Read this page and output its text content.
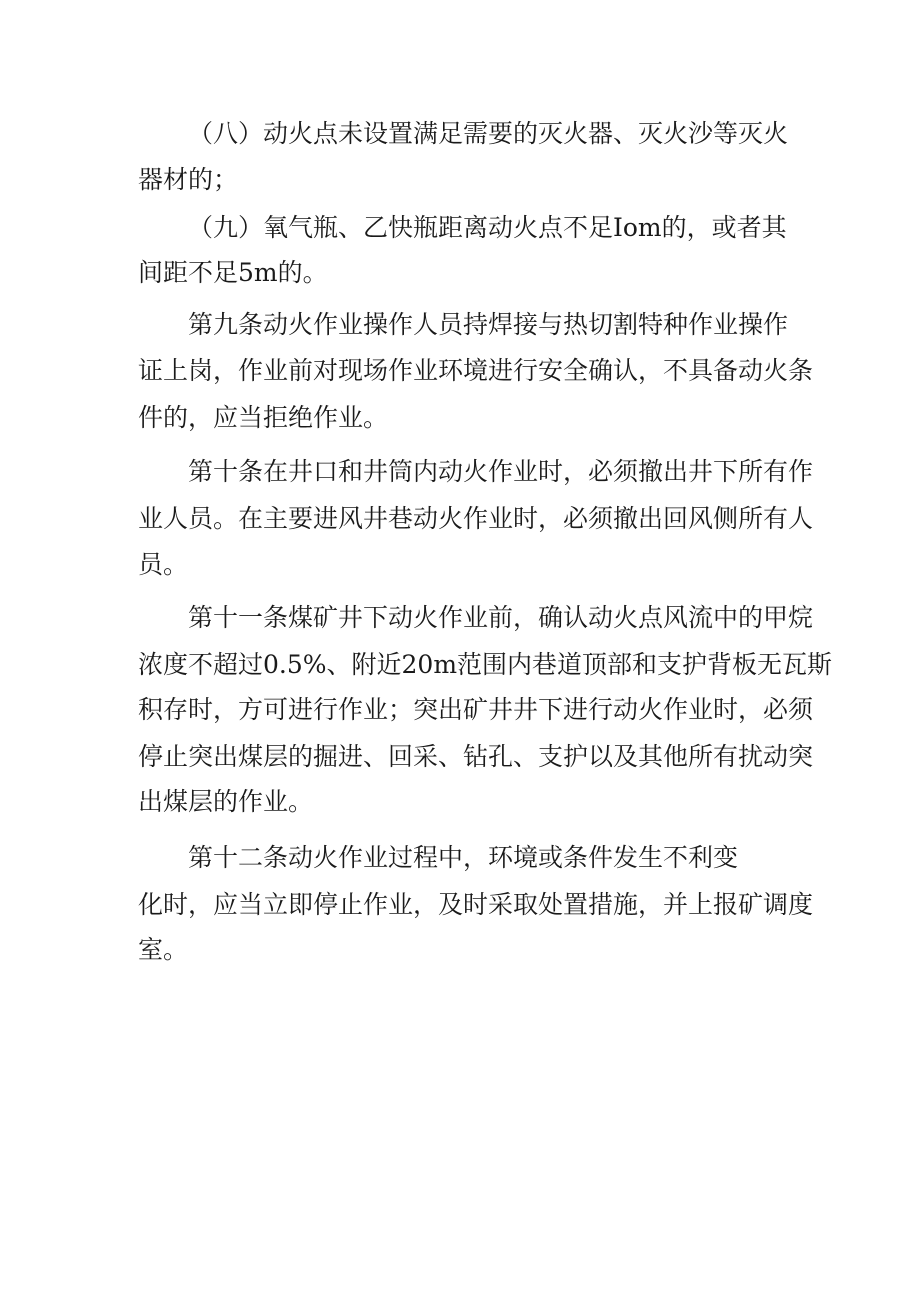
（八）动火点未设置满足需要的灭火器、灭火沙等灭火
器材的；
（九）氧气瓶、乙快瓶距离动火点不足Iom的，或者其
间距不足5m的。
第九条动火作业操作人员持焊接与热切割特种作业操作
证上岗，作业前对现场作业环境进行安全确认，不具备动火条
件的，应当拒绝作业。
第十条在井口和井筒内动火作业时，必须撤出井下所有作
业人员。在主要进风井巷动火作业时，必须撤出回风侧所有人
员。
第十一条煤矿井下动火作业前，确认动火点风流中的甲烷
浓度不超过0.5%、附近20m范围内巷道顶部和支护背板无瓦斯
积存时，方可进行作业；突出矿井井下进行动火作业时，必须
停止突出煤层的掘进、回采、钻孔、支护以及其他所有扰动突
出煤层的作业。
第十二条动火作业过程中，环境或条件发生不利变
化时，应当立即停止作业，及时采取处置措施，并上报矿调度
室。
